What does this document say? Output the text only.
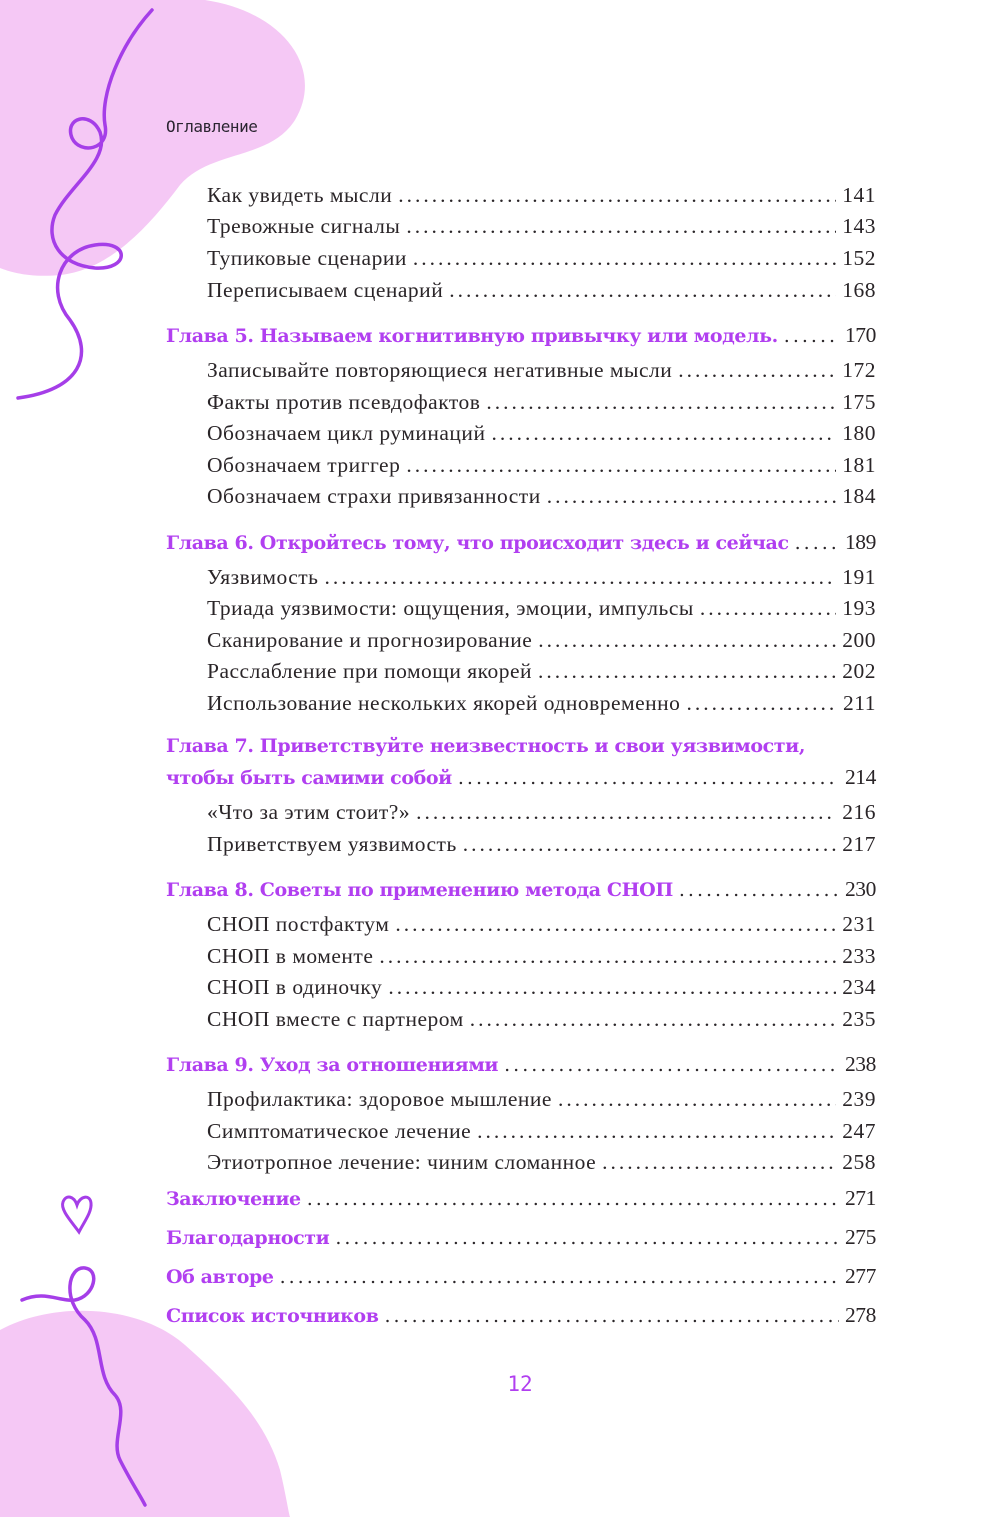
Оглавление
Как увидеть мысли .....	141
Тревожные сигналы .....	143
Тупиковые сценарии .....	152
Переписываем сценарий .....	168
Глава 5. Называем когнитивную привычку или модель. .....	170
Записывайте повторяющиеся негативные мысли .....	172
Факты против псевдофактов .....	175
Обозначаем цикл руминаций .....	180
Обозначаем триггер .....	181
Обозначаем страхи привязанности .....	184
Глава 6. Откройтесь тому, что происходит здесь и сейчас .....	189
Уязвимость .....	191
Триада уязвимости: ощущения, эмоции, импульсы .....	193
Сканирование и прогнозирование .....	200
Расслабление при помощи якорей .....	202
Использование нескольких якорей одновременно .....	211
Глава 7. Приветствуйте неизвестность и свои уязвимости,
чтобы быть самими собой .....	214
«Что за этим стоит?» .....	216
Приветствуем уязвимость .....	217
Глава 8. Советы по применению метода СНОП .....	230
СНОП постфактум .....	231
СНОП в моменте .....	233
СНОП в одиночку .....	234
СНОП вместе с партнером .....	235
Глава 9. Уход за отношениями .....	238
Профилактика: здоровое мышление .....	239
Симптоматическое лечение .....	247
Этиотропное лечение: чиним сломанное .....	258
Заключение .....	271
Благодарности .....	275
Об авторе .....	277
Список источников .....	278
12
